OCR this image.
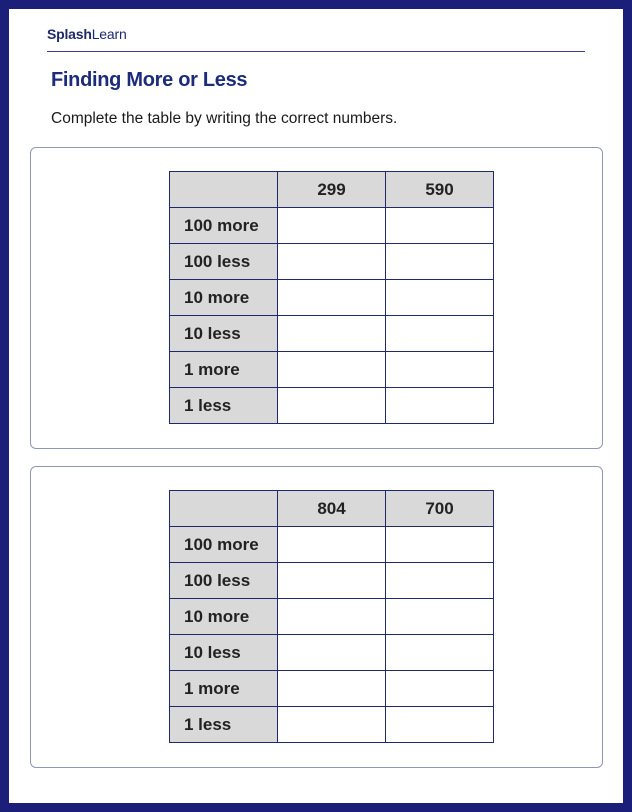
SplashLearn
Finding More or Less
Complete the table by writing the correct numbers.
	299	590
100 more		
100 less		
10 more		
10 less		
1 more		
1 less		
	804	700
100 more		
100 less		
10 more		
10 less		
1 more		
1 less		
